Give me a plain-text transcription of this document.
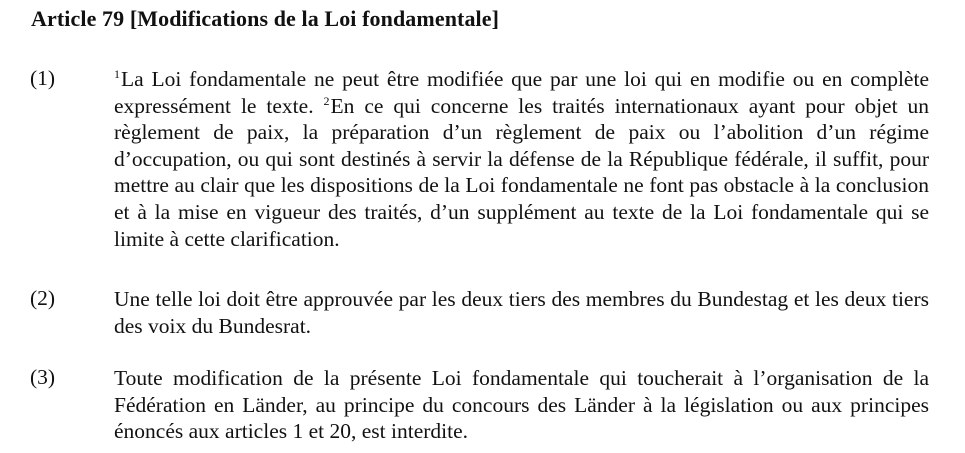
Article 79 [Modifications de la Loi fondamentale]
(1)	$^1$La Loi fondamentale ne peut être modifiée que par une loi qui en modifie ou en complète expressément le texte. $^2$En ce qui concerne les traités internationaux ayant pour objet un règlement de paix, la préparation d’un règlement de paix ou l’abolition d’un régime d’occupation, ou qui sont destinés à servir la défense de la République fédérale, il suffit, pour mettre au clair que les dispositions de la Loi fondamentale ne font pas obstacle à la conclusion et à la mise en vigueur des traités, d’un supplément au texte de la Loi fondamentale qui se limite à cette clarification.
(2)	Une telle loi doit être approuvée par les deux tiers des membres du Bundestag et les deux tiers des voix du Bundesrat.
(3)	Toute modification de la présente Loi fondamentale qui toucherait à l’organisation de la Fédération en Länder, au principe du concours des Länder à la législation ou aux principes énoncés aux articles 1 et 20, est interdite.
